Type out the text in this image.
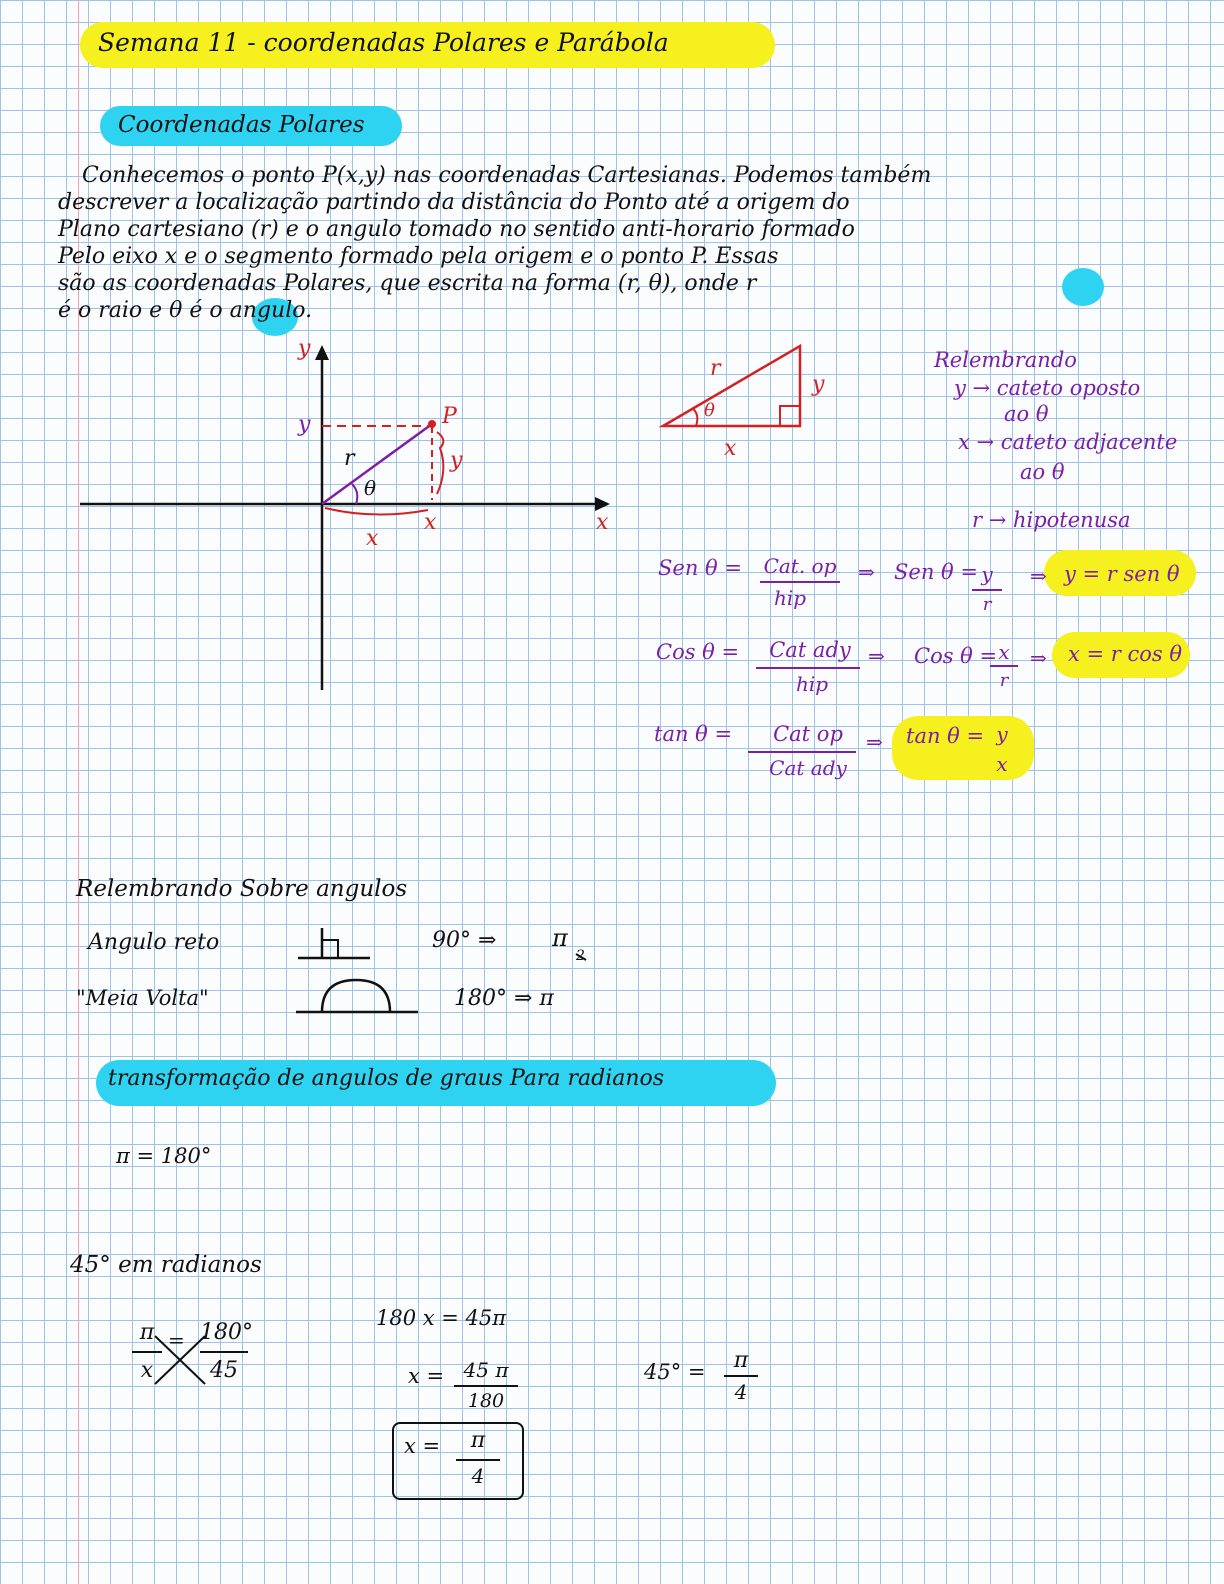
Semana 11 - coordenadas Polares e Parábola
Coordenadas Polares
Conhecemos o ponto P(x,y) nas coordenadas Cartesianas. Podemos também
descrever a localização partindo da distância do Ponto até a origem do
Plano cartesiano (r) e o angulo tomado no sentido anti-horario formado
Pelo eixo x e o segmento formado pela origem e o ponto P. Essas
são as coordenadas Polares, que escrita na forma (r, θ), onde r
é o raio e θ é o angulo.
y
x
y	P
r
θ
x
x
y
r
y
x
θ
Relembrando
y → cateto oposto
ao θ
x → cateto adjacente
ao θ
r → hipotenusa
Sen θ = Cat. op
hip
⇒ Sen θ = y
r
⇒ y = r sen θ
Cos θ =	Cat ady
hip
⇒ Cos θ = x
r
⇒ x = r cos θ
tan θ =	Cat op
Cat ady
⇒ tan θ = y
x
Relembrando Sobre angulos
Angulo reto	90° ⇒ π
2
"Meia Volta"	180° ⇒ π
transformação de angulos de graus Para radianos
π = 180°
45° em radianos
π = 180°
x	45
180 x = 45π
x = 45 π
180
x =	π
4
45° =	π
4
